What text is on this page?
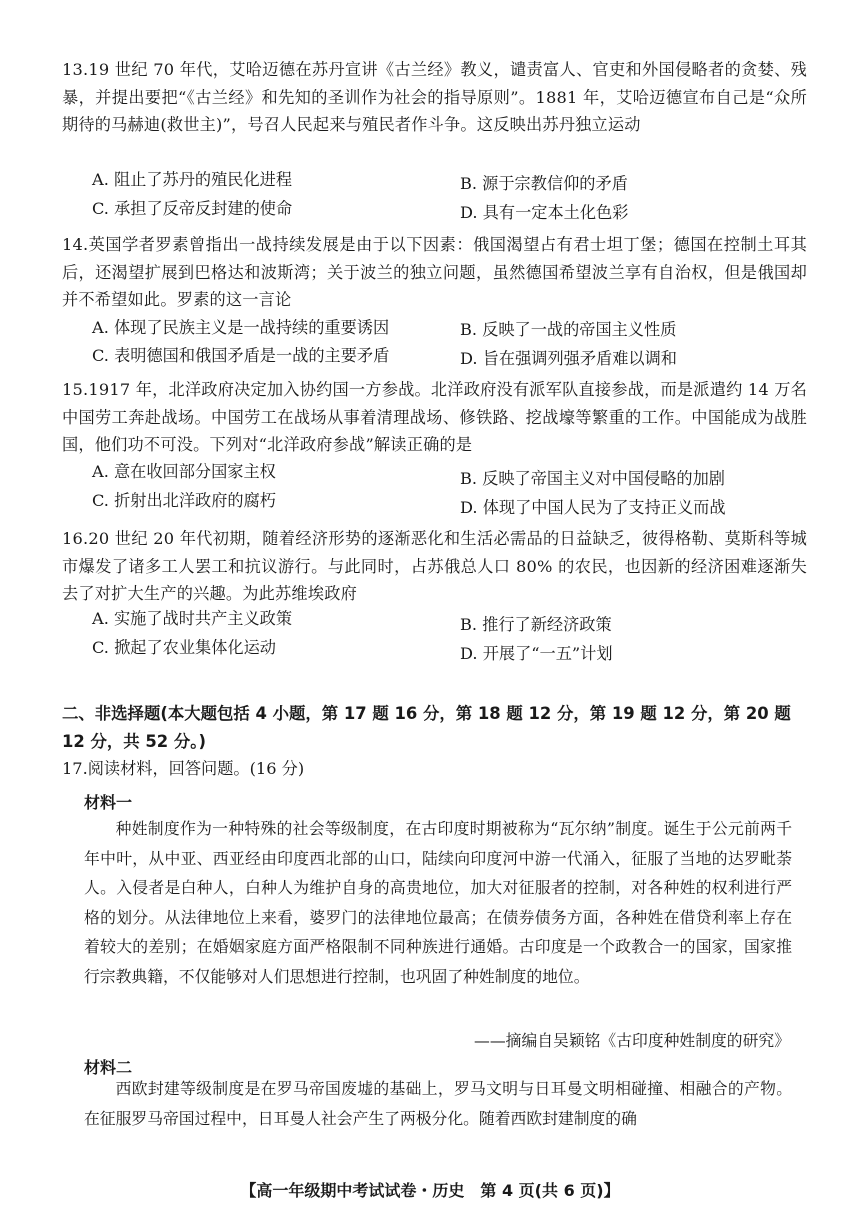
13.19 世纪 70 年代，艾哈迈德在苏丹宣讲《古兰经》教义，谴责富人、官吏和外国侵略者的贪婪、残暴，并提出要把“《古兰经》和先知的圣训作为社会的指导原则”。1881 年，艾哈迈德宣布自己是“众所期待的马赫迪(救世主)”，号召人民起来与殖民者作斗争。这反映出苏丹独立运动
A. 阻止了苏丹的殖民化进程	B. 源于宗教信仰的矛盾
C. 承担了反帝反封建的使命	D. 具有一定本土化色彩
14.英国学者罗素曾指出一战持续发展是由于以下因素：俄国渴望占有君士坦丁堡；德国在控制土耳其后，还渴望扩展到巴格达和波斯湾；关于波兰的独立问题，虽然德国希望波兰享有自治权，但是俄国却并不希望如此。罗素的这一言论
A. 体现了民族主义是一战持续的重要诱因	B. 反映了一战的帝国主义性质
C. 表明德国和俄国矛盾是一战的主要矛盾	D. 旨在强调列强矛盾难以调和
15.1917 年，北洋政府决定加入协约国一方参战。北洋政府没有派军队直接参战，而是派遣约 14 万名中国劳工奔赴战场。中国劳工在战场从事着清理战场、修铁路、挖战壕等繁重的工作。中国能成为战胜国，他们功不可没。下列对“北洋政府参战”解读正确的是
A. 意在收回部分国家主权	B. 反映了帝国主义对中国侵略的加剧
C. 折射出北洋政府的腐朽	D. 体现了中国人民为了支持正义而战
16.20 世纪 20 年代初期，随着经济形势的逐渐恶化和生活必需品的日益缺乏，彼得格勒、莫斯科等城市爆发了诸多工人罢工和抗议游行。与此同时，占苏俄总人口 80% 的农民，也因新的经济困难逐渐失去了对扩大生产的兴趣。为此苏维埃政府
A. 实施了战时共产主义政策	B. 推行了新经济政策
C. 掀起了农业集体化运动	D. 开展了“一五”计划
二、非选择题(本大题包括 4 小题，第 17 题 16 分，第 18 题 12 分，第 19 题 12 分，第 20 题 12 分，共 52 分。)
17.阅读材料，回答问题。(16 分)
材料一
种姓制度作为一种特殊的社会等级制度，在古印度时期被称为“瓦尔纳”制度。诞生于公元前两千年中叶，从中亚、西亚经由印度西北部的山口，陆续向印度河中游一代涌入，征服了当地的达罗毗荼人。入侵者是白种人，白种人为维护自身的高贵地位，加大对征服者的控制，对各种姓的权利进行严格的划分。从法律地位上来看，婆罗门的法律地位最高；在债券债务方面，各种姓在借贷利率上存在着较大的差别；在婚姻家庭方面严格限制不同种族进行通婚。古印度是一个政教合一的国家，国家推行宗教典籍，不仅能够对人们思想进行控制，也巩固了种姓制度的地位。
——摘编自吴颖铭《古印度种姓制度的研究》
材料二
西欧封建等级制度是在罗马帝国废墟的基础上，罗马文明与日耳曼文明相碰撞、相融合的产物。在征服罗马帝国过程中，日耳曼人社会产生了两极分化。随着西欧封建制度的确
【高一年级期中考试试卷・历史　第 4 页(共 6 页)】
